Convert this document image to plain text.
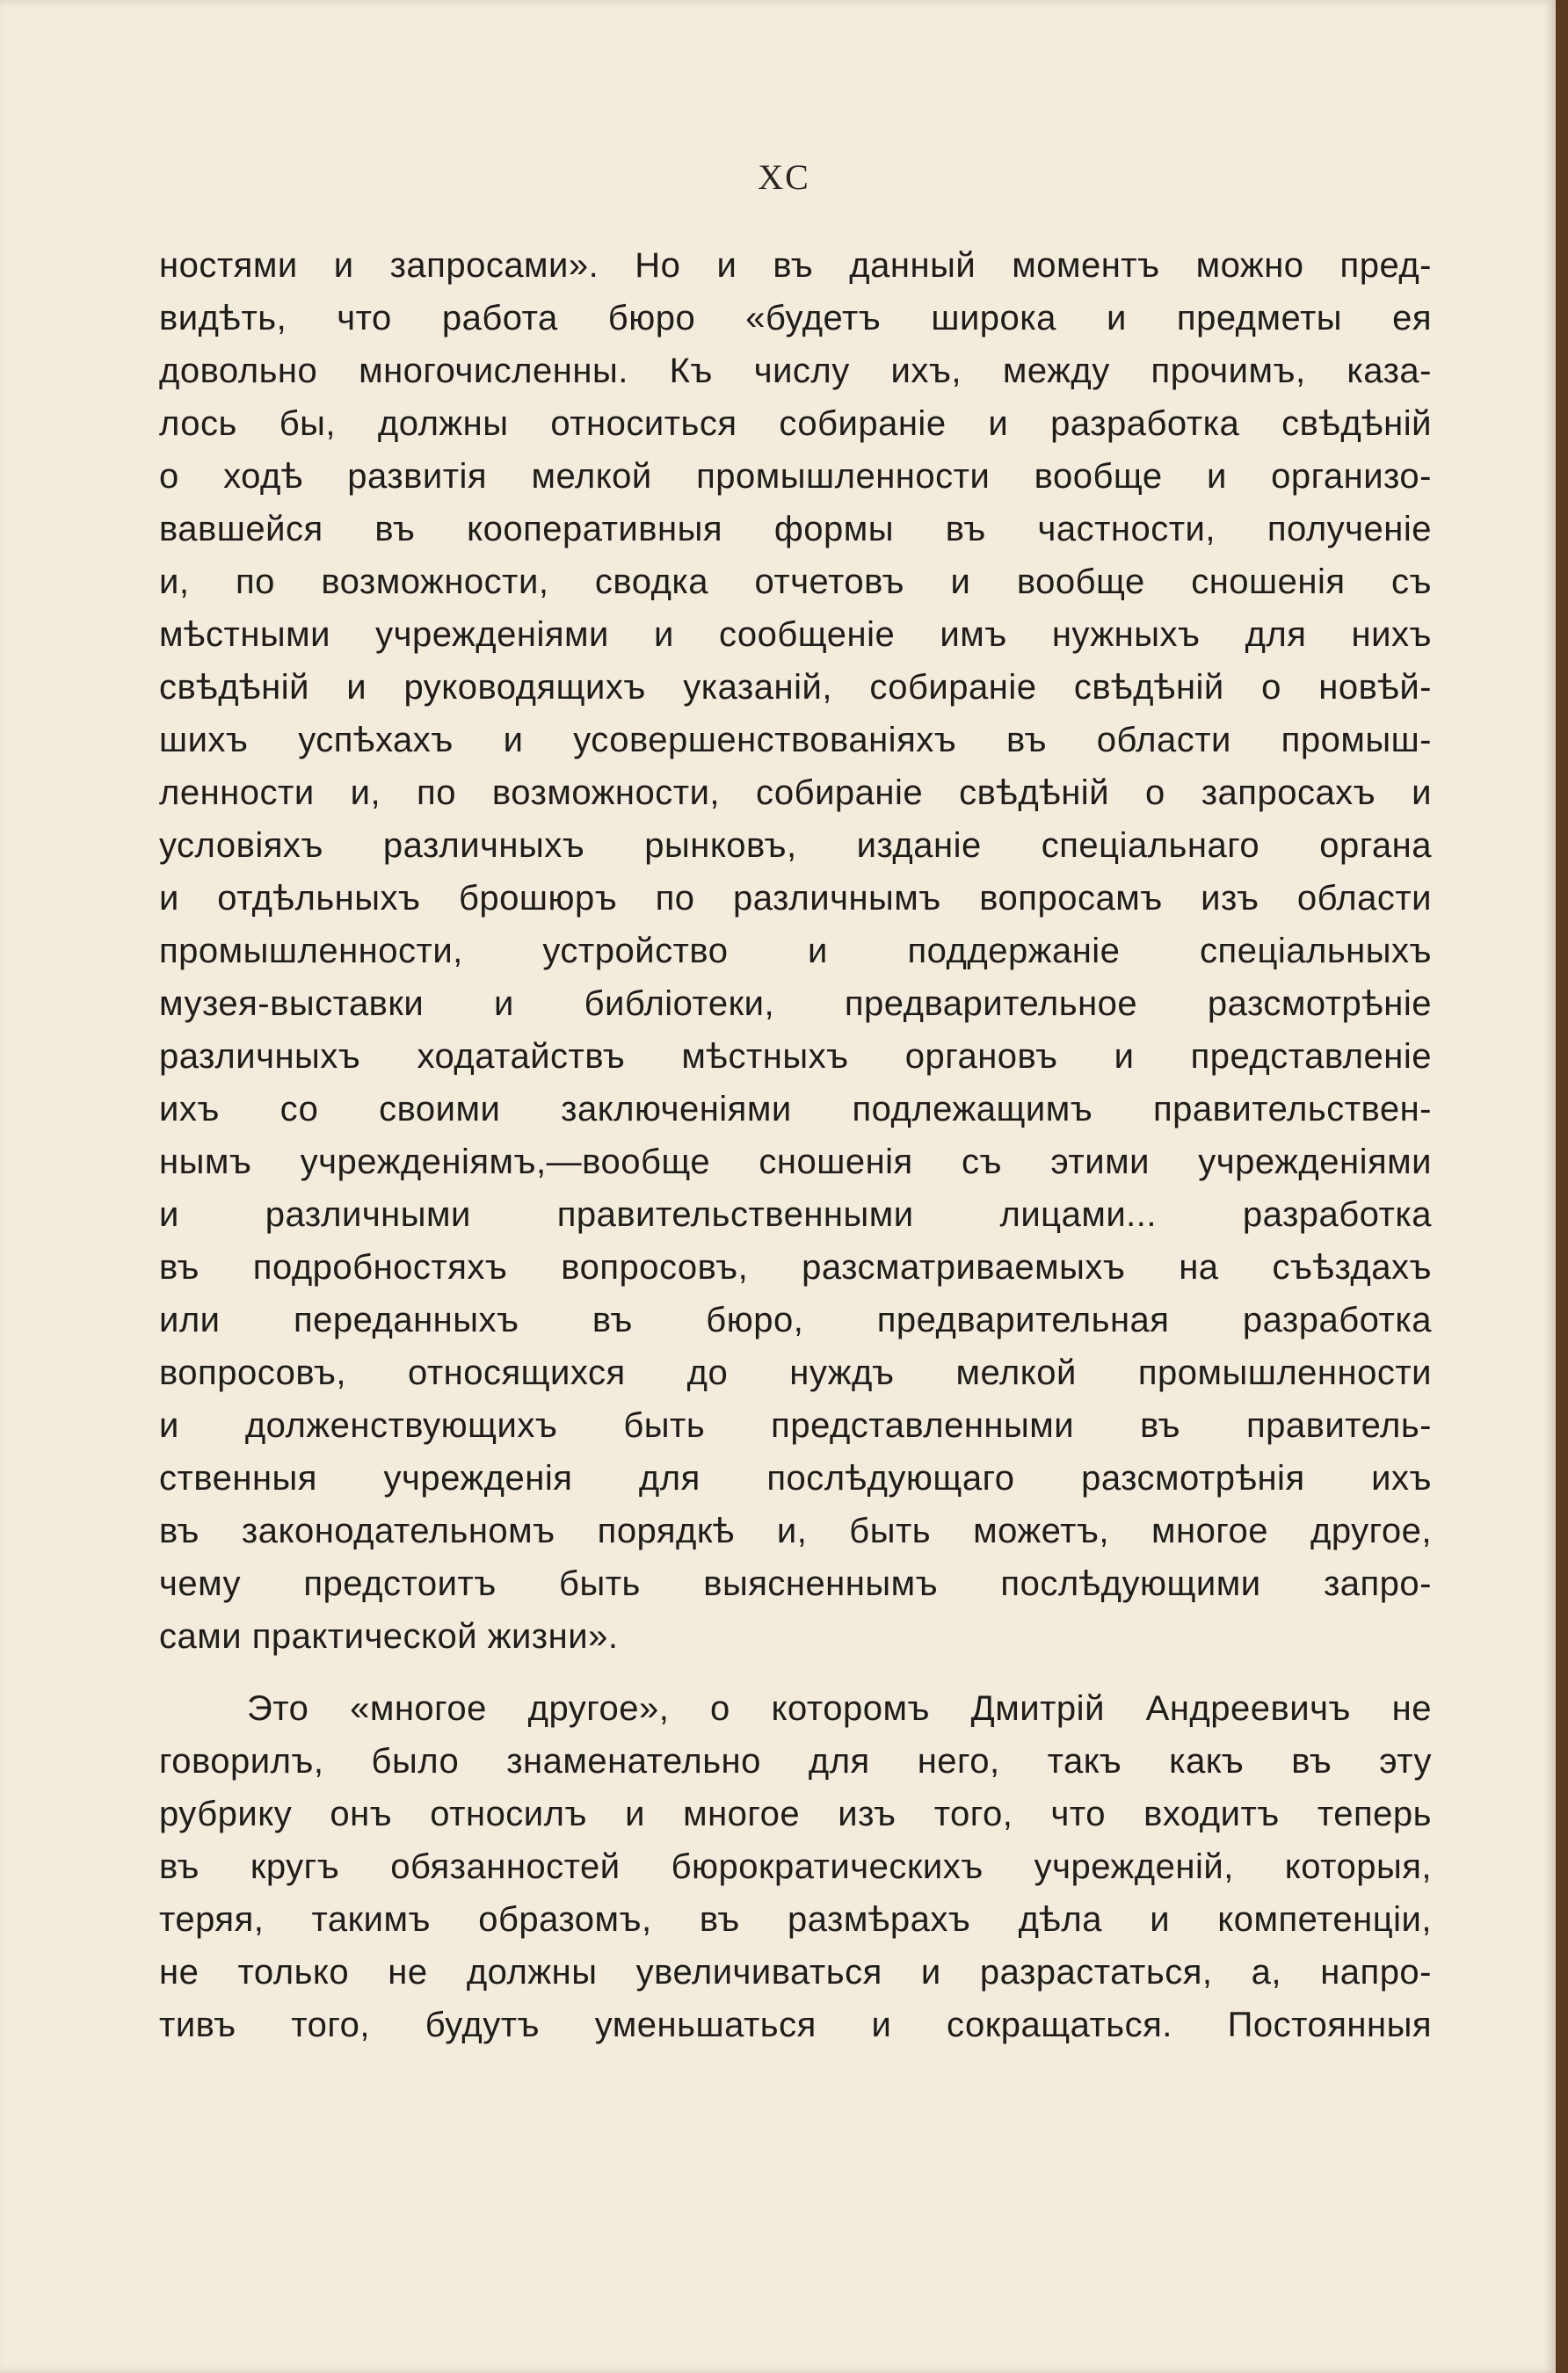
XC
ностями и запросами». Но и въ данный моментъ можно пред-
видѣть, что работа бюро «будетъ широка и предметы ея
довольно многочисленны. Къ числу ихъ, между прочимъ, каза-
лось бы, должны относиться собираніе и разработка свѣдѣній
о ходѣ развитія мелкой промышленности вообще и организо-
вавшейся въ кооперативныя формы въ частности, полученіе
и, по возможности, сводка отчетовъ и вообще сношенія съ
мѣстными учрежденіями и сообщеніе имъ нужныхъ для нихъ
свѣдѣній и руководящихъ указаній, собираніе свѣдѣній о новѣй-
шихъ успѣхахъ и усовершенствованіяхъ въ области промыш-
ленности и, по возможности, собираніе свѣдѣній о запросахъ и
условіяхъ различныхъ рынковъ, изданіе спеціальнаго органа
и отдѣльныхъ брошюръ по различнымъ вопросамъ изъ области
промышленности, устройство и поддержаніе спеціальныхъ
музея-выставки и библіотеки, предварительное разсмотрѣніе
различныхъ ходатайствъ мѣстныхъ органовъ и представленіе
ихъ со своими заключеніями подлежащимъ правительствен-
нымъ учрежденіямъ,—вообще сношенія съ этими учрежденіями
и различными правительственными лицами... разработка
въ подробностяхъ вопросовъ, разсматриваемыхъ на съѣздахъ
или переданныхъ въ бюро, предварительная разработка
вопросовъ, относящихся до нуждъ мелкой промышленности
и долженствующихъ быть представленными въ правитель-
ственныя учрежденія для послѣдующаго разсмотрѣнія ихъ
въ законодательномъ порядкѣ и, быть можетъ, многое другое,
чему предстоитъ быть выясненнымъ послѣдующими запро-
сами практической жизни».
Это «многое другое», о которомъ Дмитрій Андреевичъ не
говорилъ, было знаменательно для него, такъ какъ въ эту
рубрику онъ относилъ и многое изъ того, что входитъ теперь
въ кругъ обязанностей бюрократическихъ учрежденій, которыя,
теряя, такимъ образомъ, въ размѣрахъ дѣла и компетенціи,
не только не должны увеличиваться и разрастаться, а, напро-
тивъ того, будутъ уменьшаться и сокращаться. Постоянныя
